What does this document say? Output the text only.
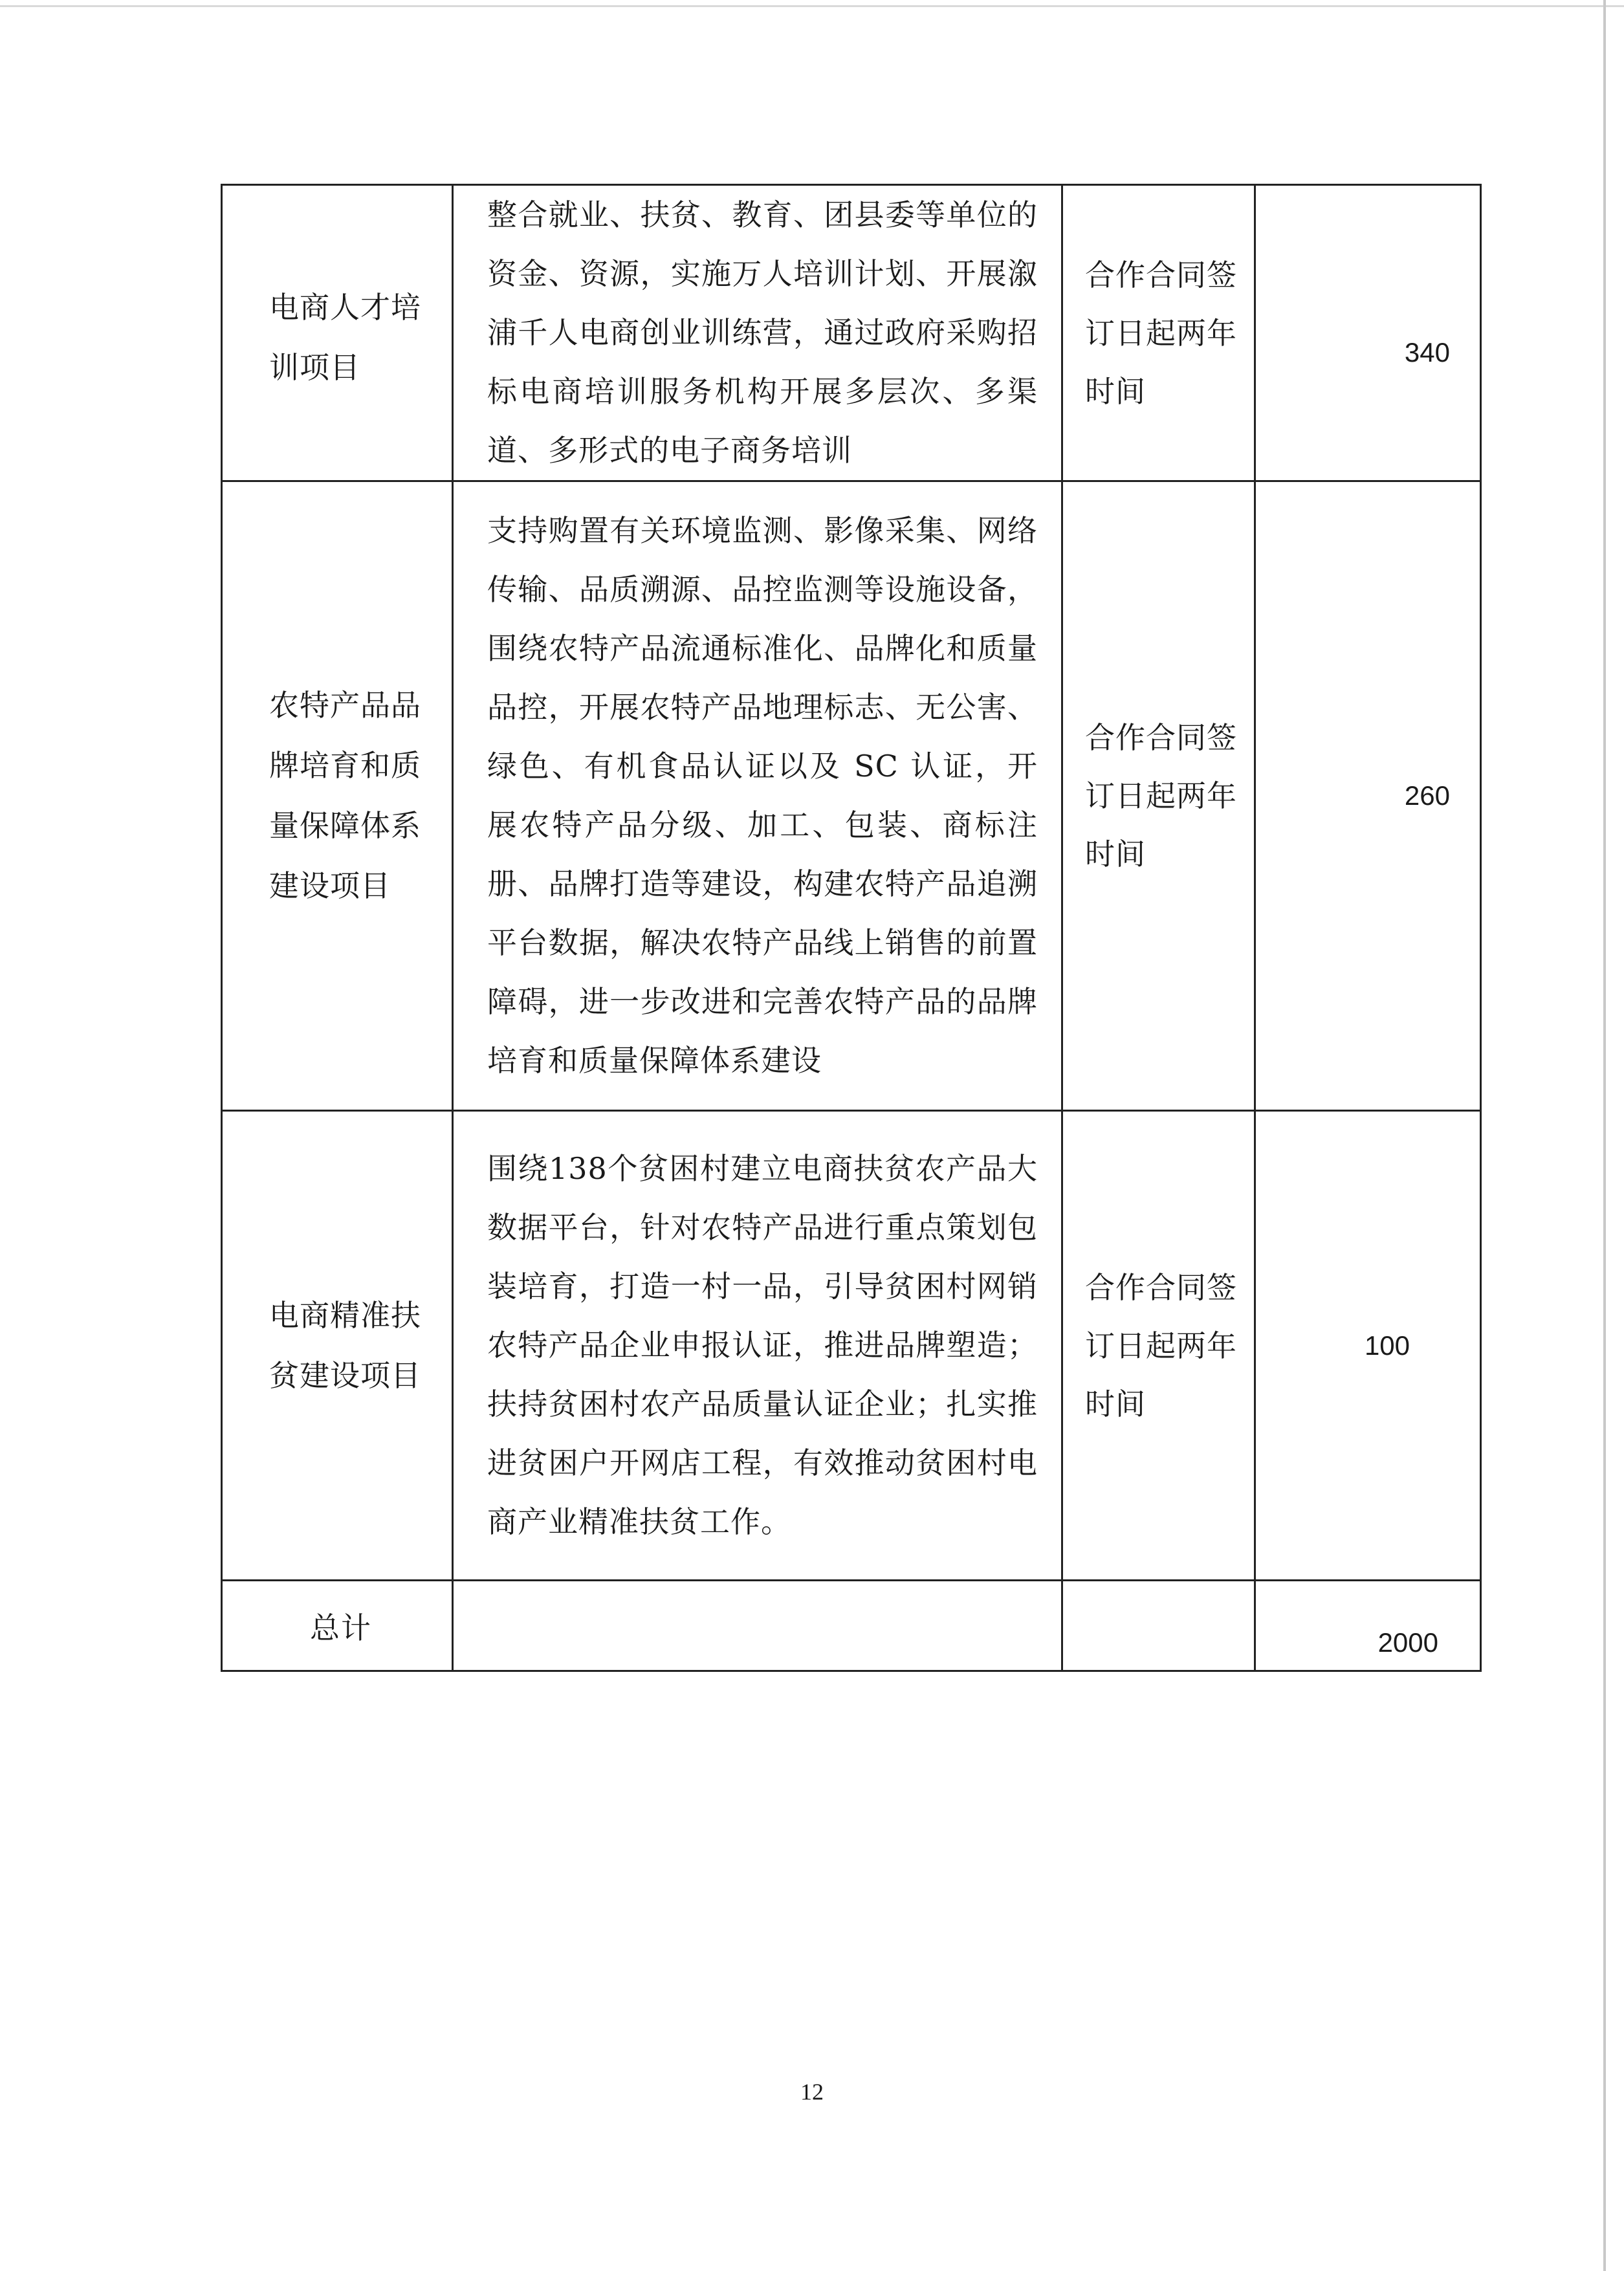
电商人才培训项目	整合就业、扶贫、教育、团县委等单位的资金、资源，实施万人培训计划、开展溆浦千人电商创业训练营，通过政府采购招标电商培训服务机构开展多层次、多渠道、多形式的电子商务培训	合作合同签订日起两年时间	340
农特产品品牌培育和质量保障体系建设项目	支持购置有关环境监测、影像采集、网络传输、品质溯源、品控监测等设施设备，围绕农特产品流通标准化、品牌化和质量品控，开展农特产品地理标志、无公害、绿色、有机食品认证以及 SC 认证，开展农特产品分级、加工、包装、商标注册、品牌打造等建设，构建农特产品追溯平台数据，解决农特产品线上销售的前置障碍，进一步改进和完善农特产品的品牌培育和质量保障体系建设	合作合同签订日起两年时间	260
电商精准扶贫建设项目	围绕138个贫困村建立电商扶贫农产品大数据平台，针对农特产品进行重点策划包装培育，打造一村一品，引导贫困村网销农特产品企业申报认证，推进品牌塑造；扶持贫困村农产品质量认证企业；扎实推进贫困户开网店工程，有效推动贫困村电商产业精准扶贫工作。	合作合同签订日起两年时间	100
总计			2000
12
